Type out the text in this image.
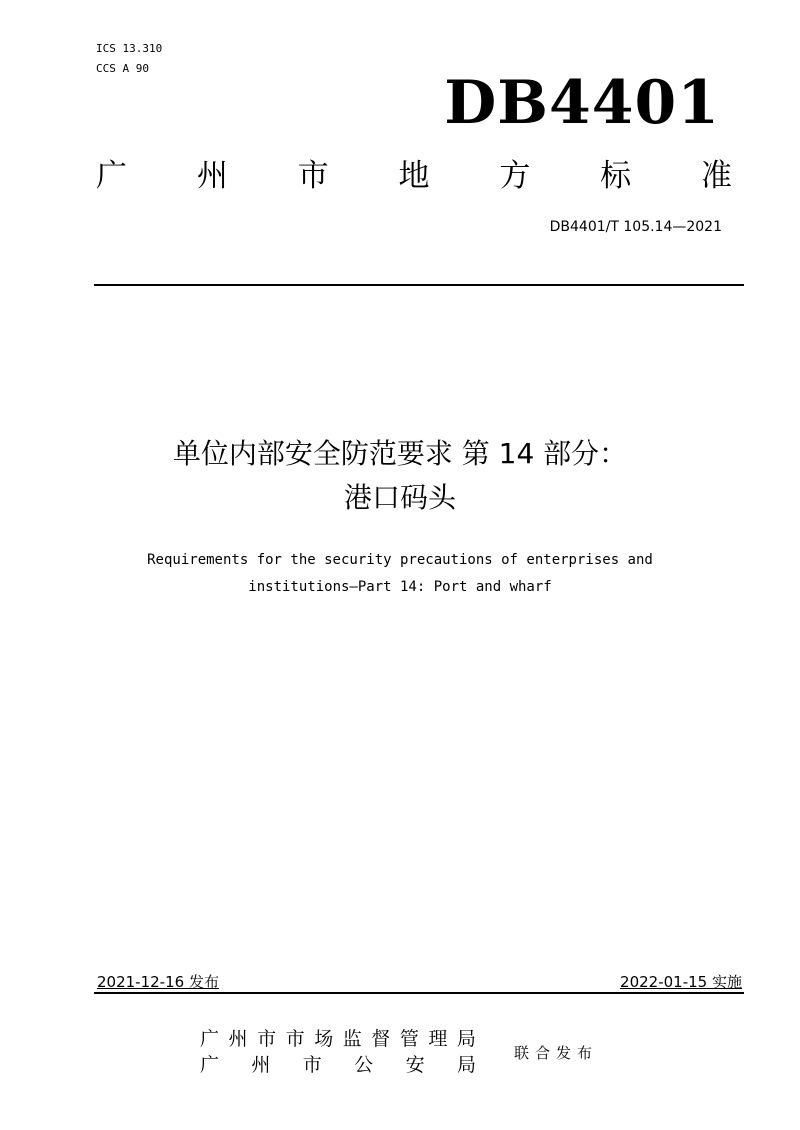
ICS 13.310
CCS A 90	DB4401
广 州 市 地 方 标 准
DB4401/T 105.14—2021
单位内部安全防范要求 第 14 部分：
港口码头
Requirements for the security precautions of enterprises and
institutions—Part 14: Port and wharf
2021-12-16 发布	2022-01-15 实施
广 州 市 市 场 监 督 管 理 局
广 州 市 公 安 局
联合发布
